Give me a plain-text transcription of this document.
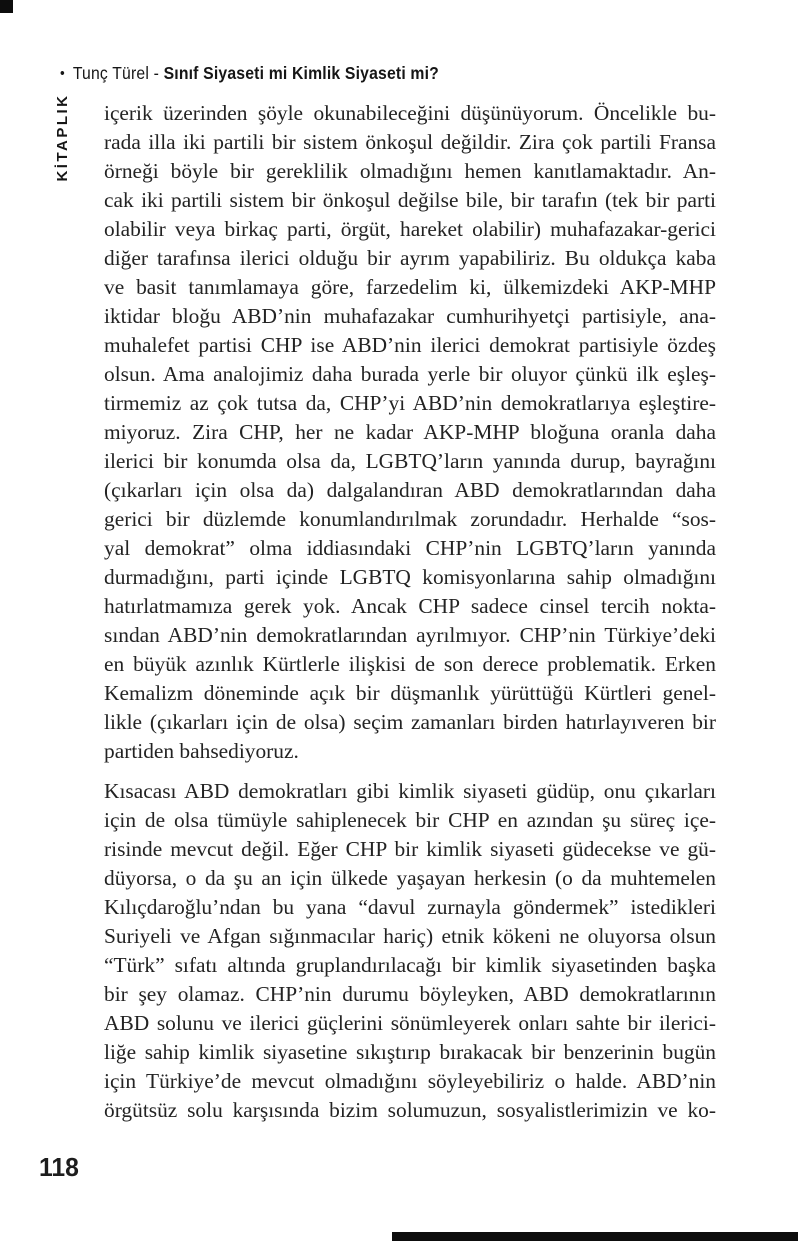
• Tunç Türel - Sınıf Siyaseti mi Kimlik Siyaseti mi?
KİTAPLIK içerik üzerinden şöyle okunabileceğini düşünüyorum. Öncelikle bu-
rada illa iki partili bir sistem önkoşul değildir. Zira çok partili Fransa
örneği böyle bir gereklilik olmadığını hemen kanıtlamaktadır. An-
cak iki partili sistem bir önkoşul değilse bile, bir tarafın (tek bir parti
olabilir veya birkaç parti, örgüt, hareket olabilir) muhafazakar-gerici
diğer tarafınsa ilerici olduğu bir ayrım yapabiliriz. Bu oldukça kaba
ve basit tanımlamaya göre, farzedelim ki, ülkemizdeki AKP-MHP
iktidar bloğu ABD’nin muhafazakar cumhurihyetçi partisiyle, ana-
muhalefet partisi CHP ise ABD’nin ilerici demokrat partisiyle özdeş
olsun. Ama analojimiz daha burada yerle bir oluyor çünkü ilk eşleş-
tirmemiz az çok tutsa da, CHP’yi ABD’nin demokratlarıya eşleştire-
miyoruz. Zira CHP, her ne kadar AKP-MHP bloğuna oranla daha
ilerici bir konumda olsa da, LGBTQ’ların yanında durup, bayrağını
(çıkarları için olsa da) dalgalandıran ABD demokratlarından daha
gerici bir düzlemde konumlandırılmak zorundadır. Herhalde “sos-
yal demokrat” olma iddiasındaki CHP’nin LGBTQ’ların yanında
durmadığını, parti içinde LGBTQ komisyonlarına sahip olmadığını
hatırlatmamıza gerek yok. Ancak CHP sadece cinsel tercih nokta-
sından ABD’nin demokratlarından ayrılmıyor. CHP’nin Türkiye’deki
en büyük azınlık Kürtlerle ilişkisi de son derece problematik. Erken
Kemalizm döneminde açık bir düşmanlık yürüttüğü Kürtleri genel-
likle (çıkarları için de olsa) seçim zamanları birden hatırlayıveren bir
partiden bahsediyoruz.
Kısacası ABD demokratları gibi kimlik siyaseti güdüp, onu çıkarları
için de olsa tümüyle sahiplenecek bir CHP en azından şu süreç içe-
risinde mevcut değil. Eğer CHP bir kimlik siyaseti güdecekse ve gü-
düyorsa, o da şu an için ülkede yaşayan herkesin (o da muhtemelen
Kılıçdaroğlu’ndan bu yana “davul zurnayla göndermek” istedikleri
Suriyeli ve Afgan sığınmacılar hariç) etnik kökeni ne oluyorsa olsun
“Türk” sıfatı altında gruplandırılacağı bir kimlik siyasetinden başka
bir şey olamaz. CHP’nin durumu böyleyken, ABD demokratlarının
ABD solunu ve ilerici güçlerini sönümleyerek onları sahte bir ilerici-
liğe sahip kimlik siyasetine sıkıştırıp bırakacak bir benzerinin bugün
için Türkiye’de mevcut olmadığını söyleyebiliriz o halde. ABD’nin
örgütsüz solu karşısında bizim solumuzun, sosyalistlerimizin ve ko-
118
